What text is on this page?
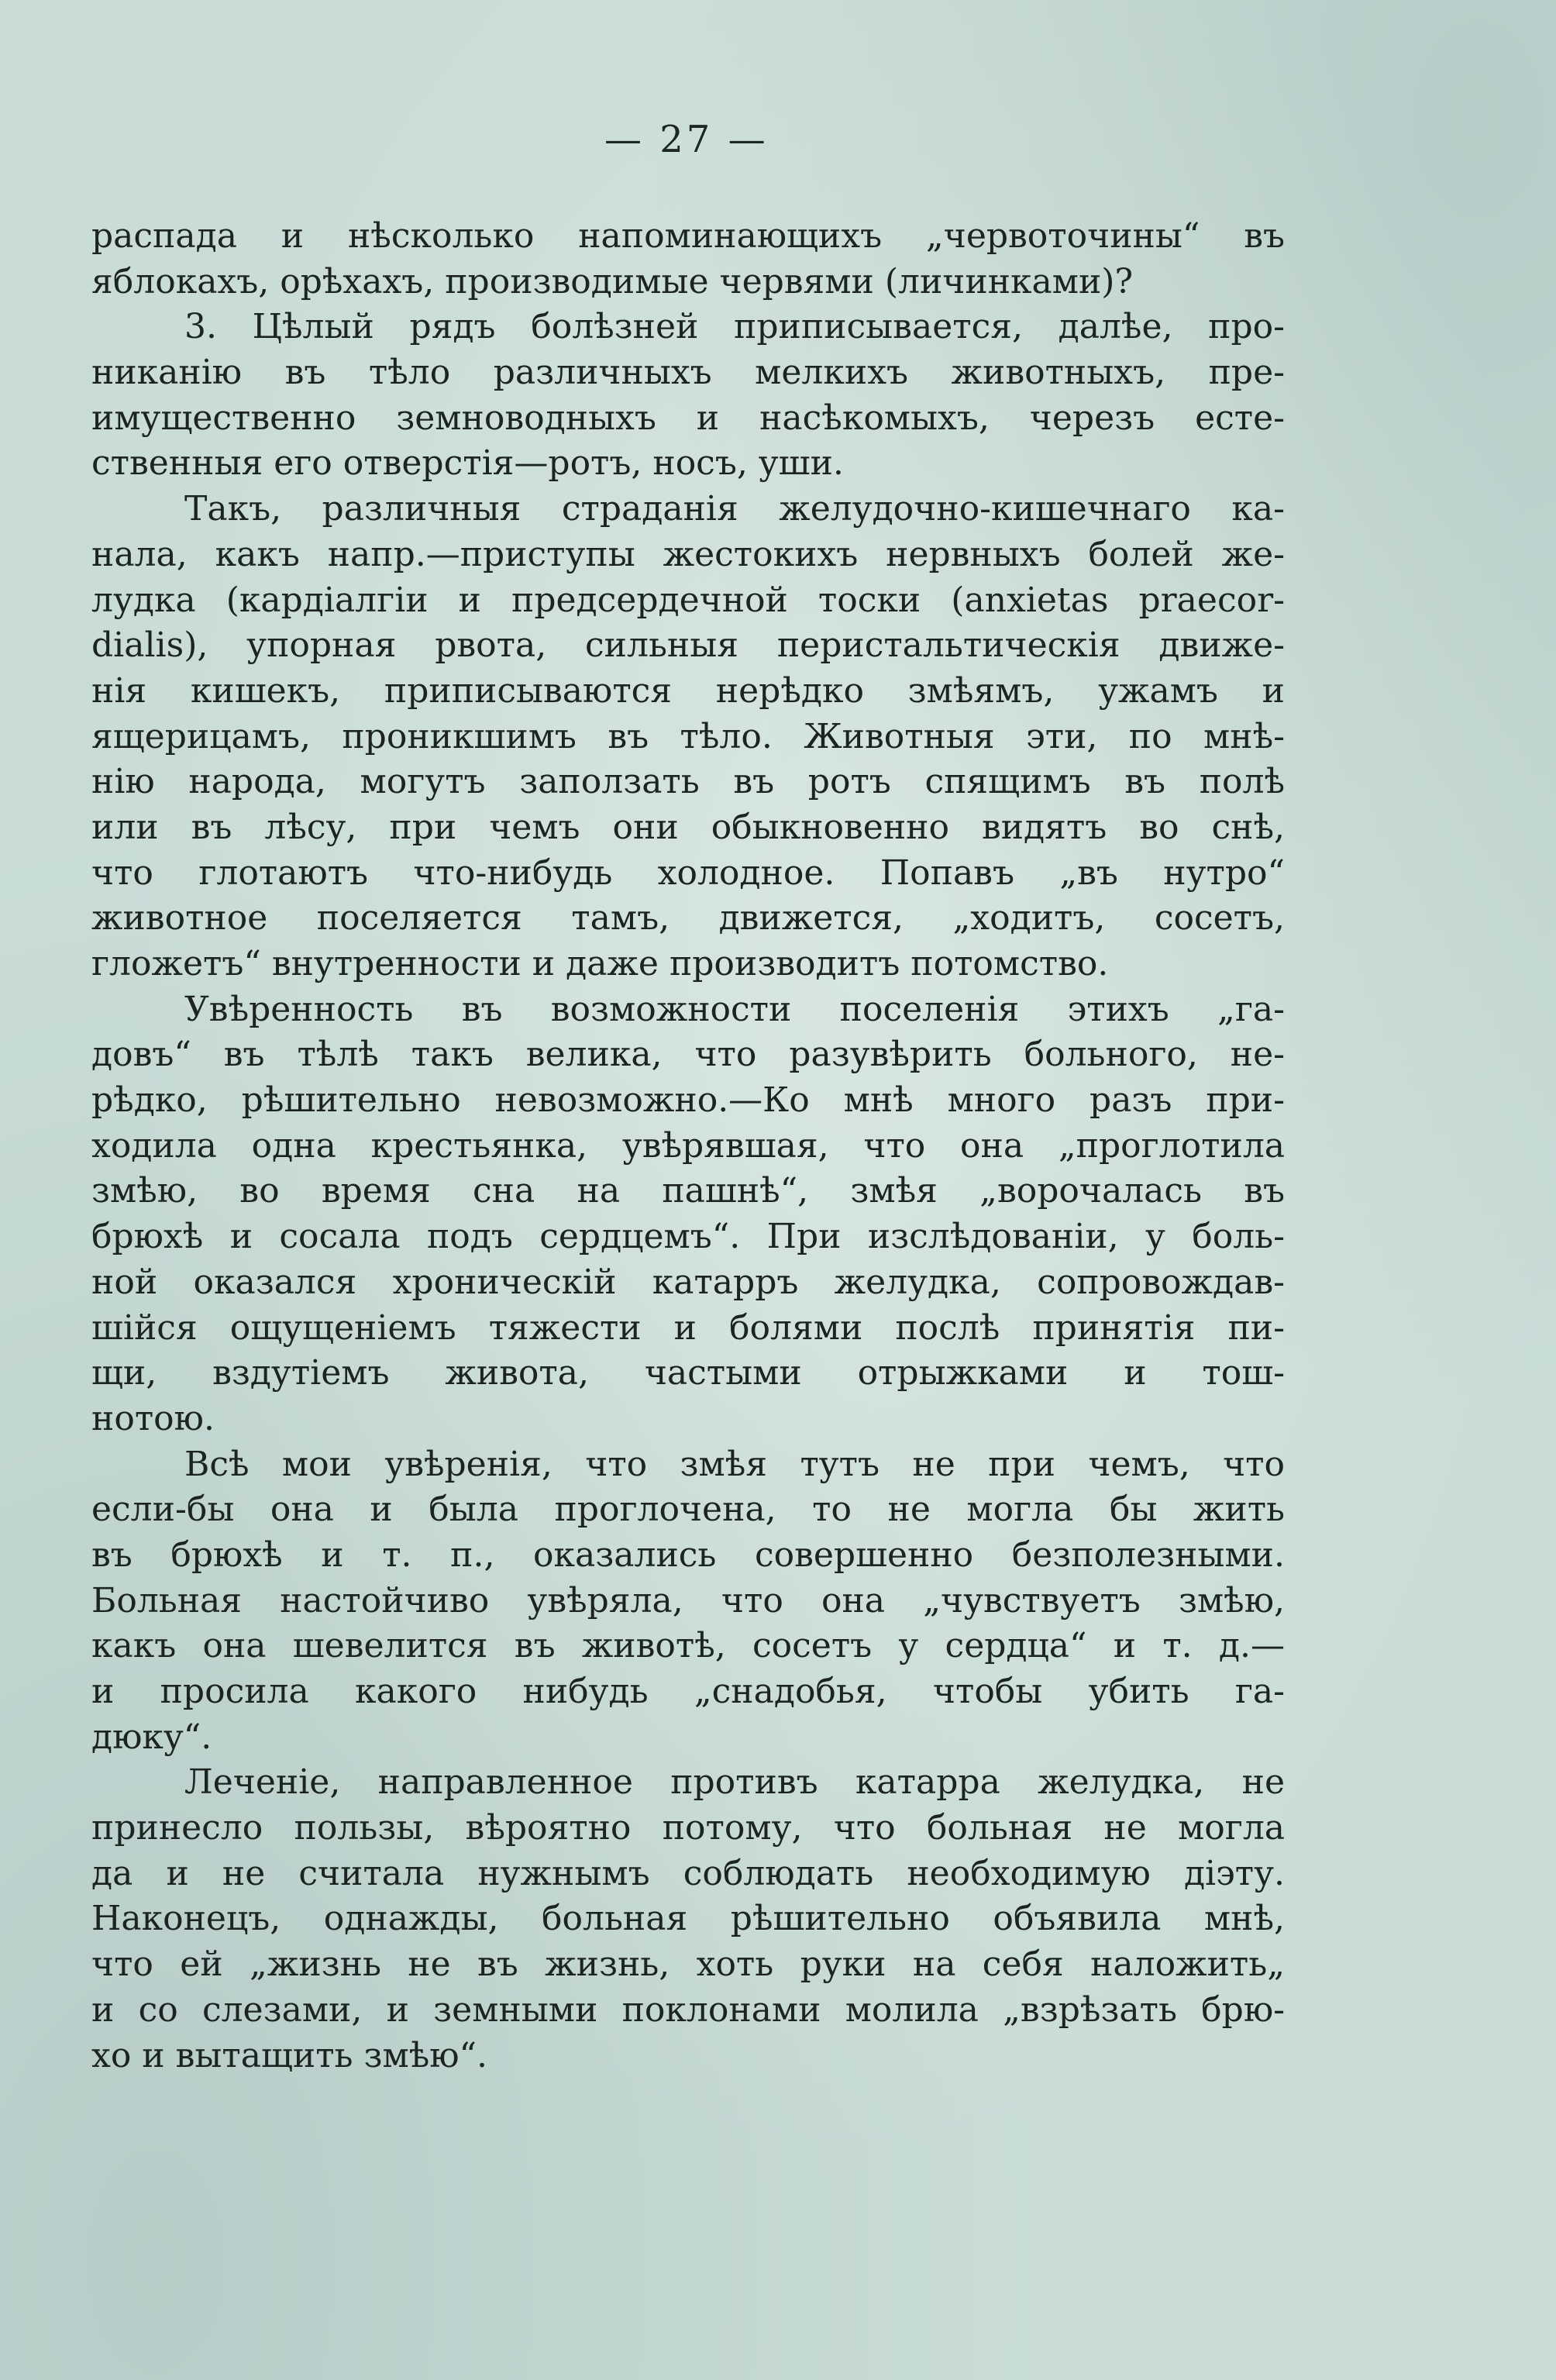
— 27 —
распада и нѣсколько напоминающихъ „червоточины“ въ
яблокахъ, орѣхахъ, производимые червями (личинками)?
3. Цѣлый рядъ болѣзней приписывается, далѣе, про-
никанію въ тѣло различныхъ мелкихъ животныхъ, пре-
имущественно земноводныхъ и насѣкомыхъ, черезъ есте-
ственныя его отверстія—ротъ, носъ, уши.
Такъ, различныя страданія желудочно-кишечнаго ка-
нала, какъ напр.—приступы жестокихъ нервныхъ болей же-
лудка (кардіалгіи и предсердечной тоски (anxietas praecor-
dialis), упорная рвота, сильныя перистальтическія движе-
нія кишекъ, приписываются нерѣдко змѣямъ, ужамъ и
ящерицамъ, проникшимъ въ тѣло. Животныя эти, по мнѣ-
нію народа, могутъ заползать въ ротъ спящимъ въ полѣ
или въ лѣсу, при чемъ они обыкновенно видятъ во снѣ,
что глотаютъ что-нибудь холодное. Попавъ „въ нутро“
животное поселяется тамъ, движется, „ходитъ, сосетъ,
гложетъ“ внутренности и даже производитъ потомство.
Увѣренность въ возможности поселенія этихъ „га-
довъ“ въ тѣлѣ такъ велика, что разувѣрить больного, не-
рѣдко, рѣшительно невозможно.—Ко мнѣ много разъ при-
ходила одна крестьянка, увѣрявшая, что она „проглотила
змѣю, во время сна на пашнѣ“, змѣя „ворочалась въ
брюхѣ и сосала подъ сердцемъ“. При изслѣдованіи, у боль-
ной оказался хроническій катарръ желудка, сопровождав-
шійся ощущеніемъ тяжести и болями послѣ принятія пи-
щи, вздутіемъ живота, частыми отрыжками и тош-
нотою.
Всѣ мои увѣренія, что змѣя тутъ не при чемъ, что
если-бы она и была проглочена, то не могла бы жить
въ брюхѣ и т. п., оказались совершенно безполезными.
Больная настойчиво увѣряла, что она „чувствуетъ змѣю,
какъ она шевелится въ животѣ, сосетъ у сердца“ и т. д.—
и просила какого нибудь „снадобья, чтобы убить га-
дюку“.
Леченіе, направленное противъ катарра желудка, не
принесло пользы, вѣроятно потому, что больная не могла
да и не считала нужнымъ соблюдать необходимую діэту.
Наконецъ, однажды, больная рѣшительно объявила мнѣ,
что ей „жизнь не въ жизнь, хоть руки на себя наложить„
и со слезами, и земными поклонами молила „взрѣзать брю-
хо и вытащить змѣю“.
